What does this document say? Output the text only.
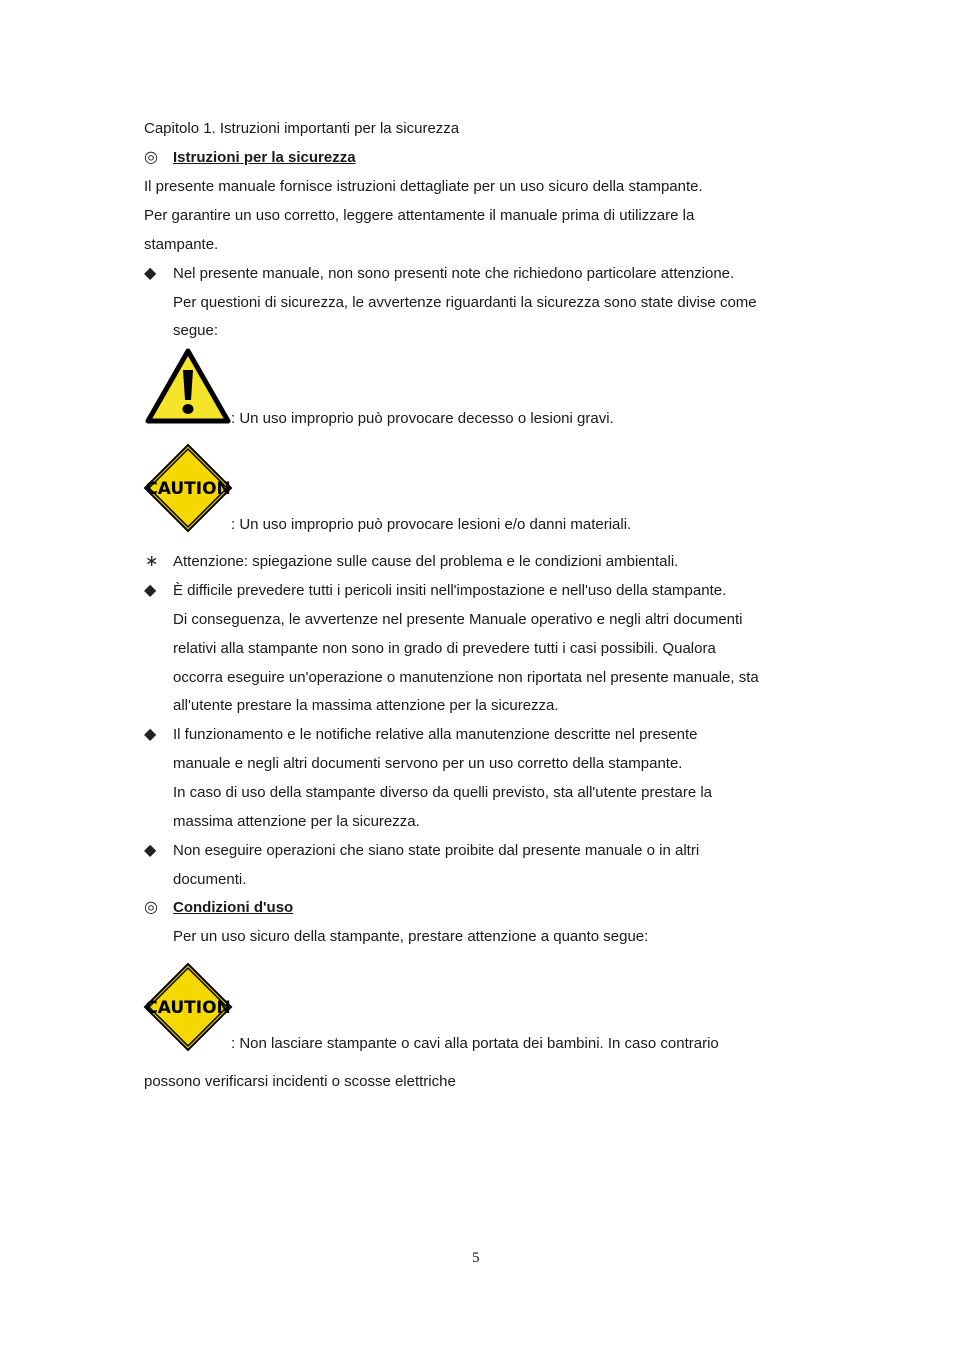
Capitolo 1. Istruzioni importanti per la sicurezza
◎ Istruzioni per la sicurezza
Il presente manuale fornisce istruzioni dettagliate per un uso sicuro della stampante.
Per garantire un uso corretto, leggere attentamente il manuale prima di utilizzare la
stampante.
◆ Nel presente manuale, non sono presenti note che richiedono particolare attenzione.
Per questioni di sicurezza, le avvertenze riguardanti la sicurezza sono state divise come
segue:
: Un uso improprio può provocare decesso o lesioni gravi.
CAUTION
: Un uso improprio può provocare lesioni e/o danni materiali.
∗ Attenzione: spiegazione sulle cause del problema e le condizioni ambientali.
◆ È difficile prevedere tutti i pericoli insiti nell'impostazione e nell'uso della stampante.
Di conseguenza, le avvertenze nel presente Manuale operativo e negli altri documenti
relativi alla stampante non sono in grado di prevedere tutti i casi possibili. Qualora
occorra eseguire un'operazione o manutenzione non riportata nel presente manuale, sta
all'utente prestare la massima attenzione per la sicurezza.
◆ Il funzionamento e le notifiche relative alla manutenzione descritte nel presente
manuale e negli altri documenti servono per un uso corretto della stampante.
In caso di uso della stampante diverso da quelli previsto, sta all'utente prestare la
massima attenzione per la sicurezza.
◆ Non eseguire operazioni che siano state proibite dal presente manuale o in altri
documenti.
◎ Condizioni d'uso
Per un uso sicuro della stampante, prestare attenzione a quanto segue:
CAUTION
: Non lasciare stampante o cavi alla portata dei bambini. In caso contrario
possono verificarsi incidenti o scosse elettriche
5
